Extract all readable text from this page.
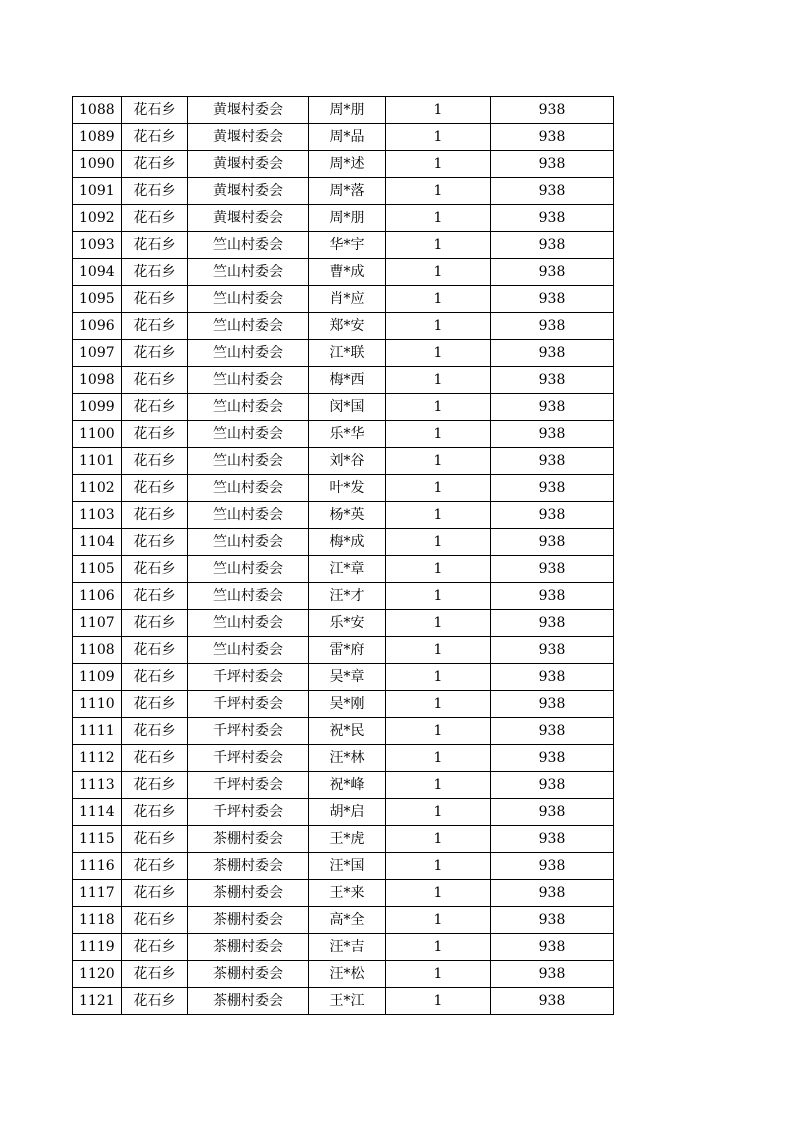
1088	花石乡	黄堰村委会	周*朋	1	938
1089	花石乡	黄堰村委会	周*品	1	938
1090	花石乡	黄堰村委会	周*述	1	938
1091	花石乡	黄堰村委会	周*落	1	938
1092	花石乡	黄堰村委会	周*朋	1	938
1093	花石乡	竺山村委会	华*宇	1	938
1094	花石乡	竺山村委会	曹*成	1	938
1095	花石乡	竺山村委会	肖*应	1	938
1096	花石乡	竺山村委会	郑*安	1	938
1097	花石乡	竺山村委会	江*联	1	938
1098	花石乡	竺山村委会	梅*西	1	938
1099	花石乡	竺山村委会	闵*国	1	938
1100	花石乡	竺山村委会	乐*华	1	938
1101	花石乡	竺山村委会	刘*谷	1	938
1102	花石乡	竺山村委会	叶*发	1	938
1103	花石乡	竺山村委会	杨*英	1	938
1104	花石乡	竺山村委会	梅*成	1	938
1105	花石乡	竺山村委会	江*章	1	938
1106	花石乡	竺山村委会	汪*才	1	938
1107	花石乡	竺山村委会	乐*安	1	938
1108	花石乡	竺山村委会	雷*府	1	938
1109	花石乡	千坪村委会	吴*章	1	938
1110	花石乡	千坪村委会	吴*刚	1	938
1111	花石乡	千坪村委会	祝*民	1	938
1112	花石乡	千坪村委会	汪*林	1	938
1113	花石乡	千坪村委会	祝*峰	1	938
1114	花石乡	千坪村委会	胡*启	1	938
1115	花石乡	茶棚村委会	王*虎	1	938
1116	花石乡	茶棚村委会	汪*国	1	938
1117	花石乡	茶棚村委会	王*来	1	938
1118	花石乡	茶棚村委会	高*全	1	938
1119	花石乡	茶棚村委会	汪*吉	1	938
1120	花石乡	茶棚村委会	汪*松	1	938
1121	花石乡	茶棚村委会	王*江	1	938
